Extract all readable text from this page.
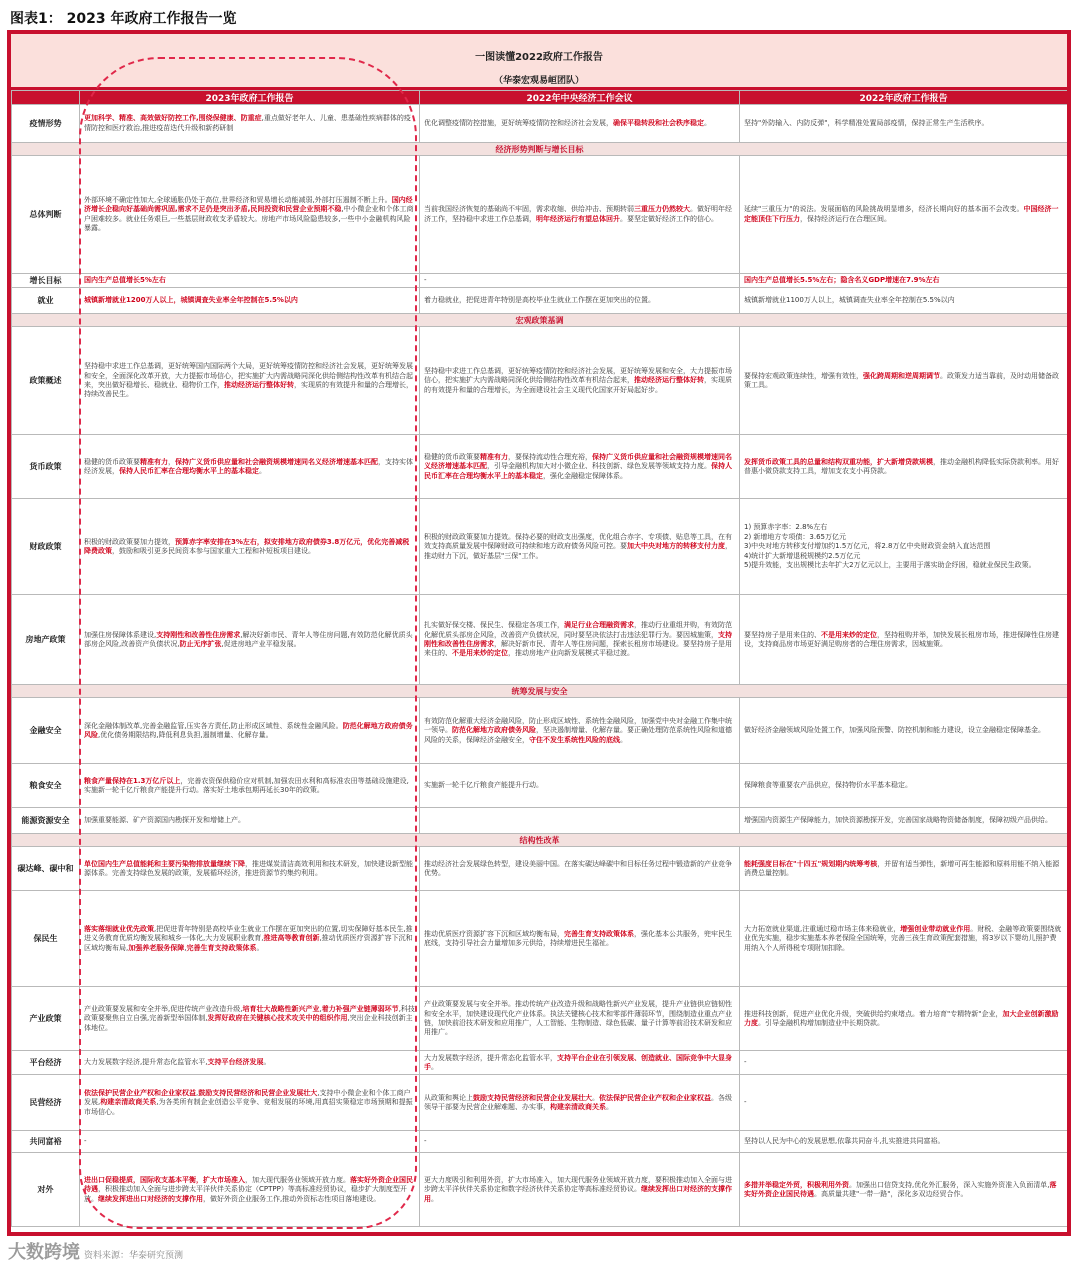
图表1： 2023 年政府工作报告一览
一图读懂2022政府工作报告
（华泰宏观易峘团队）
	2023年政府工作报告	2022年中央经济工作会议	2022年政府工作报告
疫情形势	更加科学、精准、高效做好防控工作,围绕保健康、防重症,重点做好老年人、儿童、患基础性疾病群体的疫情防控和医疗救治,推进疫苗迭代升级和新药研制	优化调整疫情防控措施，更好统筹疫情防控和经济社会发展，确保平稳转段和社会秩序稳定。	坚持"外防输入、内防反弹"，科学精准处置局部疫情，保持正常生产生活秩序。

经济形势判断与增长目标			
总体判断	外部环境不确定性加大,全球通胀仍处于高位,世界经济和贸易增长动能减弱,外部打压遏制不断上升。国内经济增长企稳向好基础尚需巩固,需求不足仍是突出矛盾,民间投资和民营企业预期不稳,中小微企业和个体工商户困难较多。就业任务艰巨,一些基层财政收支矛盾较大。房地产市场风险隐患较多,一些中小金融机构风险暴露。	当前我国经济恢复的基础尚不牢固，需求收缩、供给冲击、预期转弱三重压力仍然较大。做好明年经济工作，坚持稳中求进工作总基调，明年经济运行有望总体回升。要坚定做好经济工作的信心。	延续"三重压力"的说法。发展面临的风险挑战明显增多，经济长期向好的基本面不会改变。中国经济一定能顶住下行压力，保持经济运行在合理区间。

增长目标	国内生产总值增长5%左右	-	国内生产总值增长5.5%左右；隐含名义GDP增速在7.9%左右

就业	城镇新增就业1200万人以上，城镇调查失业率全年控制在5.5%以内	着力稳就业，把促进青年特别是高校毕业生就业工作摆在更加突出的位置。	城镇新增就业1100万人以上，城镇调查失业率全年控制在5.5%以内

宏观政策基调			
政策概述	坚持稳中求进工作总基调，更好统筹国内国际两个大局，更好统筹疫情防控和经济社会发展，更好统筹发展和安全，全面深化改革开放，大力提振市场信心，把实施扩大内需战略同深化供给侧结构性改革有机结合起来，突出做好稳增长、稳就业、稳物价工作，推动经济运行整体好转，实现质的有效提升和量的合理增长，持续改善民生。	坚持稳中求进工作总基调，更好统筹疫情防控和经济社会发展，更好统筹发展和安全，大力提振市场信心，把实施扩大内需战略同深化供给侧结构性改革有机结合起来，推动经济运行整体好转，实现质的有效提升和量的合理增长，为全面建设社会主义现代化国家开好局起好步。	要保持宏观政策连续性，增强有效性，强化跨周期和逆周期调节。政策发力适当靠前，及时动用储备政策工具。

货币政策	稳健的货币政策要精准有力，保持广义货币供应量和社会融资规模增速同名义经济增速基本匹配，支持实体经济发展，保持人民币汇率在合理均衡水平上的基本稳定。	稳健的货币政策要精准有力，要保持流动性合理充裕，保持广义货币供应量和社会融资规模增速同名义经济增速基本匹配，引导金融机构加大对小微企业、科技创新、绿色发展等领域支持力度。保持人民币汇率在合理均衡水平上的基本稳定，强化金融稳定保障体系。	发挥货币政策工具的总量和结构双重功能，扩大新增贷款规模，推动金融机构降低实际贷款利率。用好普惠小微贷款支持工具，增加支农支小再贷款。

财政政策	积极的财政政策要加力提效，预算赤字率安排在3%左右，拟安排地方政府债券3.8万亿元，优化完善减税降费政策，鼓励和吸引更多民间资本参与国家重大工程和补短板项目建设。	积极的财政政策要加力提效。保持必要的财政支出强度，优化组合赤字、专项债、贴息等工具，在有效支持高质量发展中保障财政可持续和地方政府债务风险可控。要加大中央对地方的转移支付力度，推动财力下沉，做好基层"三保"工作。	1) 预算赤字率：2.8%左右
2) 新增地方专项债：3.65万亿元
3)中央对地方转移支付增加约1.5万亿元，将2.8万亿中央财政资金纳入直达范围
4)统计扩大新增退税规模约2.5万亿元
5)提升效能，支出规模比去年扩大2万亿元以上，主要用于落实助企纾困，稳就业保民生政策。

房地产政策	加强住房保障体系建设,支持刚性和改善性住房需求,解决好新市民、青年人等住房问题,有效防范化解优质头部房企风险,改善资产负债状况,防止无序扩张,促进房地产业平稳发展。	扎实做好保交楼、保民生、保稳定各项工作，满足行业合理融资需求，推动行业重组并购，有效防范化解优质头部房企风险，改善资产负债状况，同时要坚决依法打击违法犯罪行为。要因城施策，支持刚性和改善性住房需求，解决好新市民、青年人等住房问题，探索长租房市场建设。要坚持房子是用来住的、不是用来炒的定位，推动房地产业向新发展模式平稳过渡。	要坚持房子是用来住的、不是用来炒的定位，坚持租购并举，加快发展长租房市场，推进保障性住房建设，支持商品房市场更好满足购房者的合理住房需求，因城施策。

统筹发展与安全			
金融安全	深化金融体制改革,完善金融监管,压实各方责任,防止形成区域性、系统性金融风险。防范化解地方政府债务风险,优化债务期限结构,降低利息负担,遏制增量、化解存量。	有效防范化解重大经济金融风险，防止形成区域性、系统性金融风险，加强党中央对金融工作集中统一领导。防范化解地方政府债务风险，坚决遏制增量、化解存量。要正确处理防范系统性风险和道德风险的关系，保障经济金融安全，守住不发生系统性风险的底线。	做好经济金融领域风险处置工作，加强风险预警、防控机制和能力建设，设立金融稳定保障基金。

粮食安全	粮食产量保持在1.3万亿斤以上，完善农资保供稳价应对机制,加强农田水利和高标准农田等基础设施建设,实施新一轮千亿斤粮食产能提升行动。落实好土地承包期再延长30年的政策。	实施新一轮千亿斤粮食产能提升行动。	保障粮食等重要农产品供应，保持物价水平基本稳定。

能源资源安全	加强重要能源、矿产资源国内勘探开发和增储上产。		增强国内资源生产保障能力，加快资源勘探开发，完善国家战略物资储备制度，保障初级产品供给。

结构性改革			
碳达峰、碳中和	单位国内生产总值能耗和主要污染物排放量继续下降，推进煤炭清洁高效利用和技术研发，加快建设新型能源体系。完善支持绿色发展的政策，发展循环经济，推进资源节约集约利用。	推动经济社会发展绿色转型，建设美丽中国。在落实碳达峰碳中和目标任务过程中锻造新的产业竞争优势。	能耗强度目标在"十四五"规划期内统筹考核，并留有适当弹性，新增可再生能源和原料用能不纳入能源消费总量控制。

保民生	落实落细就业优先政策,把促进青年特别是高校毕业生就业工作摆在更加突出的位置,切实保障好基本民生,推进义务教育优质均衡发展和城乡一体化,大力发展职业教育,推进高等教育创新,推动优质医疗资源扩容下沉和区域均衡布局,加强养老服务保障,完善生育支持政策体系。	推动优质医疗资源扩容下沉和区域均衡布局，完善生育支持政策体系，强化基本公共服务，兜牢民生底线，支持引导社会力量增加多元供给，持续增进民生福祉。	大力拓宽就业渠道,注重通过稳市场主体来稳就业，增强创业带动就业作用。财税、金融等政策要围绕就业优先实施，稳步实施基本养老保险全国统筹，完善三孩生育政策配套措施，将3岁以下婴幼儿照护费用纳入个人所得税专项附加扣除。

产业政策	产业政策要发展和安全并举,促进传统产业改造升级,培育壮大战略性新兴产业,着力补强产业链薄弱环节,科技政策要聚焦自立自强,完善新型举国体制,发挥好政府在关键核心技术攻关中的组织作用,突出企业科技创新主体地位。	产业政策要发展与安全并举。推动传统产业改造升级和战略性新兴产业发展，提升产业链供应链韧性和安全水平，加快建设现代化产业体系。执法关键核心技术和零部件薄弱环节，围绕制造业重点产业链，加快前沿技术研发和应用推广，人工智能、生物制造、绿色低碳、量子计算等前沿技术研发和应用推广。	推进科技创新，促进产业优化升级，突破供给约束堵点。着力培育"专精特新"企业，加大企业创新激励力度。引导金融机构增加制造业中长期贷款。

平台经济	大力发展数字经济,提升常态化监管水平,支持平台经济发展。	大力发展数字经济，提升常态化监管水平，支持平台企业在引领发展、创造就业、国际竞争中大显身手。	-

民营经济	依法保护民营企业产权和企业家权益,鼓励支持民营经济和民营企业发展壮大,支持中小微企业和个体工商户发展,构建亲清政商关系,为各类所有制企业创造公平竞争、竞相发展的环境,用真招实策稳定市场预期和提振市场信心。	从政策和舆论上鼓励支持民营经济和民营企业发展壮大。依法保护民营企业产权和企业家权益。各级领导干部要为民营企业解难题、办实事，构建亲清政商关系。	-

共同富裕	-	-	坚持以人民为中心的发展思想,依靠共同奋斗,扎实推进共同富裕。

对外	进出口促稳提质，国际收支基本平衡，扩大市场准入，加大现代服务业领域开放力度。落实好外资企业国民待遇，积极推动加入全面与进步跨太平洋伙伴关系协定（CPTPP）等高标准经贸协议，稳步扩大制度型开放。继续发挥进出口对经济的支撑作用，做好外资企业服务工作,推动外资标志性项目落地建设。	更大力度吸引和利用外资，扩大市场准入，加大现代服务业领域开放力度，要积极推动加入全面与进步跨太平洋伙伴关系协定和数字经济伙伴关系协定等高标准经贸协议。继续发挥出口对经济的支撑作用。	多措并举稳定外贸，积极利用外资。加强出口信贷支持,优化外汇服务，深入实施外资准入负面清单,落实好外资企业国民待遇。高质量共建"一带一路"，深化多双边经贸合作。
大数跨境 资料来源：华泰研究预测
